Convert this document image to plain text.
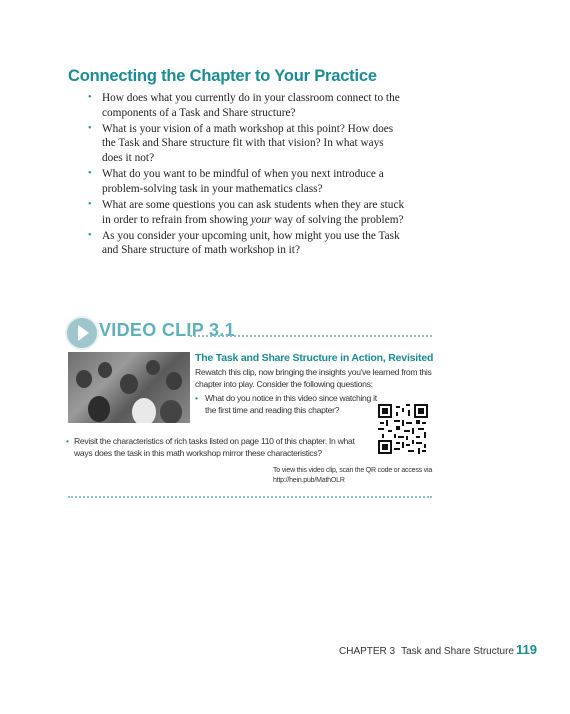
Connecting the Chapter to Your Practice
• How does what you currently do in your classroom connect to the components of a Task and Share structure?
• What is your vision of a math workshop at this point? How does the Task and Share structure fit with that vision? In what ways does it not?
• What do you want to be mindful of when you next introduce a problem-solving task in your mathematics class?
• What are some questions you can ask students when they are stuck in order to refrain from showing your way of solving the problem?
• As you consider your upcoming unit, how might you use the Task and Share structure of math workshop in it?
VIDEO CLIP 3.1
The Task and Share Structure in Action, Revisited
Rewatch this clip, now bringing the insights you've learned from this chapter into play. Consider the following questions:
• What do you notice in this video since watching it the first time and reading this chapter?
• Revisit the characteristics of rich tasks listed on page 110 of this chapter. In what ways does the task in this math workshop mirror these characteristics?
To view this video clip, scan the QR code or access via http://hein.pub/MathOLR
CHAPTER 3 Task and Share Structure 119
